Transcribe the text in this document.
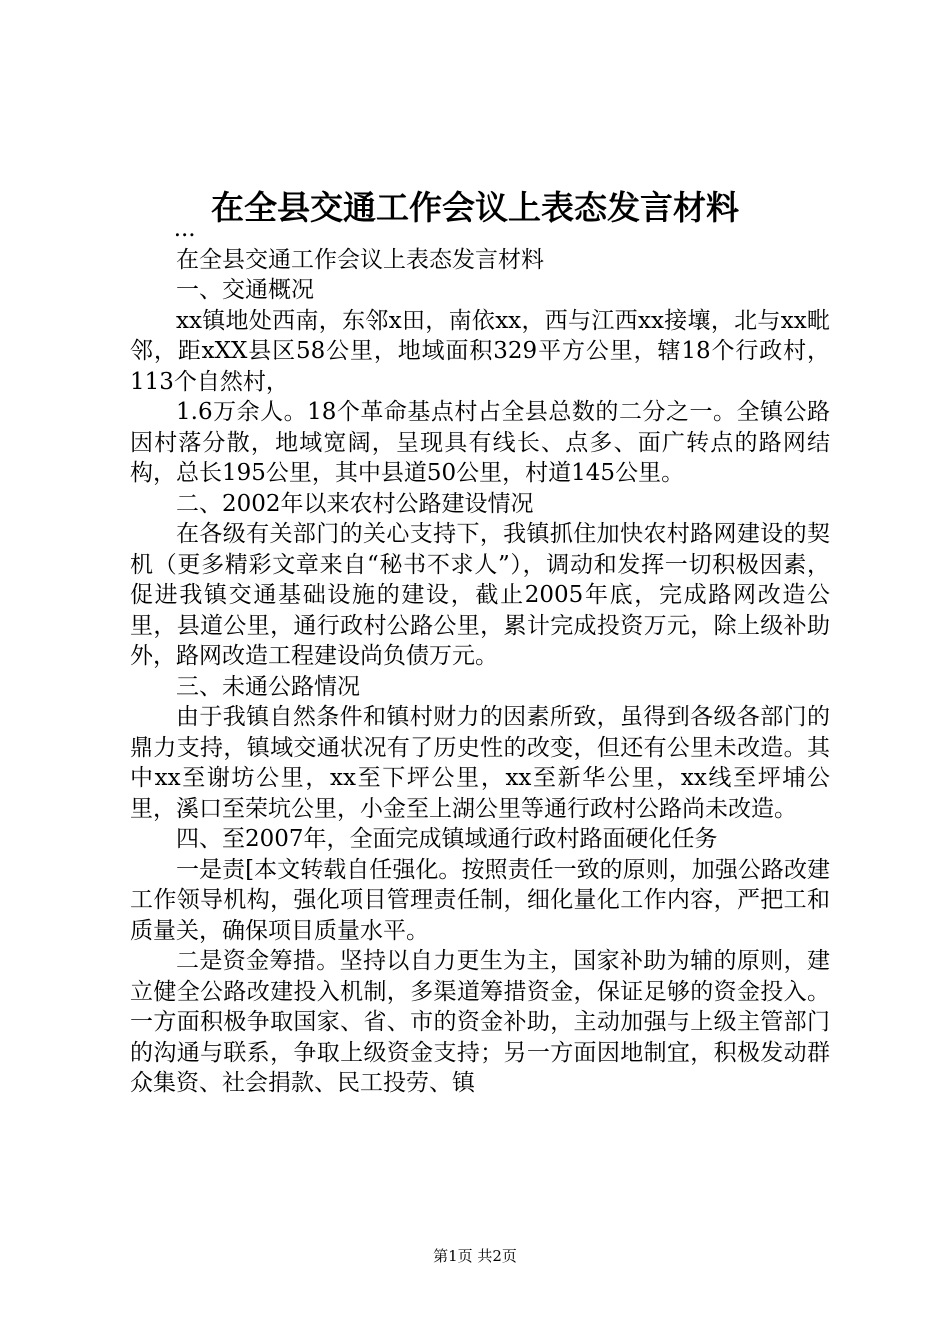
在全县交通工作会议上表态发言材料

...

在全县交通工作会议上表态发言材料

一、交通概况

xx镇地处西南，东邻x田，南依xx，西与江西xx接壤，北与xx毗邻，距xXX县区58公里，地域面积329平方公里，辖18个行政村，113个自然村，

1.6万余人。18个革命基点村占全县总数的二分之一。全镇公路因村落分散，地域宽阔，呈现具有线长、点多、面广转点的路网结构，总长195公里，其中县道50公里，村道145公里。

二、2002年以来农村公路建设情况

在各级有关部门的关心支持下，我镇抓住加快农村路网建设的契机（更多精彩文章来自“秘书不求人”），调动和发挥一切积极因素，促进我镇交通基础设施的建设，截止2005年底，完成路网改造公里，县道公里，通行政村公路公里，累计完成投资万元，除上级补助外，路网改造工程建设尚负债万元。

三、未通公路情况

由于我镇自然条件和镇村财力的因素所致，虽得到各级各部门的鼎力支持，镇域交通状况有了历史性的改变，但还有公里未改造。其中xx至谢坊公里，xx至下坪公里，xx至新华公里，xx线至坪埔公里，溪口至荣坑公里，小金至上湖公里等通行政村公路尚未改造。

四、至2007年，全面完成镇域通行政村路面硬化任务

一是责[本文转载自任强化。按照责任一致的原则，加强公路改建工作领导机构，强化项目管理责任制，细化量化工作内容，严把工和质量关，确保项目质量水平。

二是资金筹措。坚持以自力更生为主，国家补助为辅的原则，建立健全公路改建投入机制，多渠道筹措资金，保证足够的资金投入。一方面积极争取国家、省、市的资金补助，主动加强与上级主管部门的沟通与联系，争取上级资金支持；另一方面因地制宜，积极发动群众集资、社会捐款、民工投劳、镇

第1页 共2页
